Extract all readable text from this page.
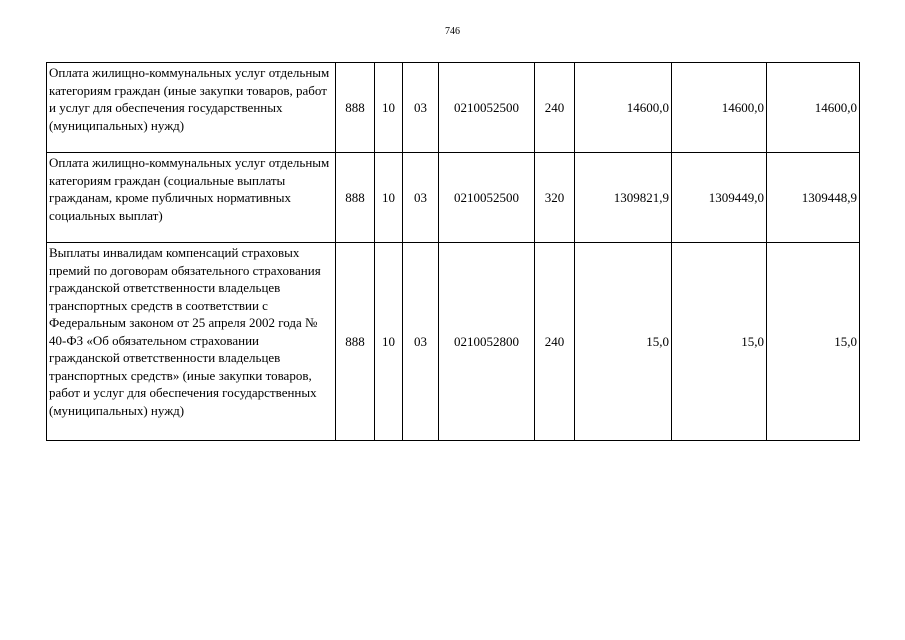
746
Оплата жилищно-коммунальных услуг отдельным категориям граждан (иные закупки товаров, работ и услуг для обеспечения государственных (муниципальных) нужд)	888	10	03	0210052500	240	14600,0	14600,0	14600,0
Оплата жилищно-коммунальных услуг отдельным категориям граждан (социальные выплаты гражданам, кроме публичных нормативных социальных выплат)	888	10	03	0210052500	320	1309821,9	1309449,0	1309448,9
Выплаты инвалидам компенсаций страховых премий по договорам обязательного страхования гражданской ответственности владельцев транспортных средств в соответствии с Федеральным законом от 25 апреля 2002 года № 40-ФЗ «Об обязательном страховании гражданской ответственности владельцев транспортных средств» (иные закупки товаров, работ и услуг для обеспечения государственных (муниципальных) нужд)	888	10	03	0210052800	240	15,0	15,0	15,0
